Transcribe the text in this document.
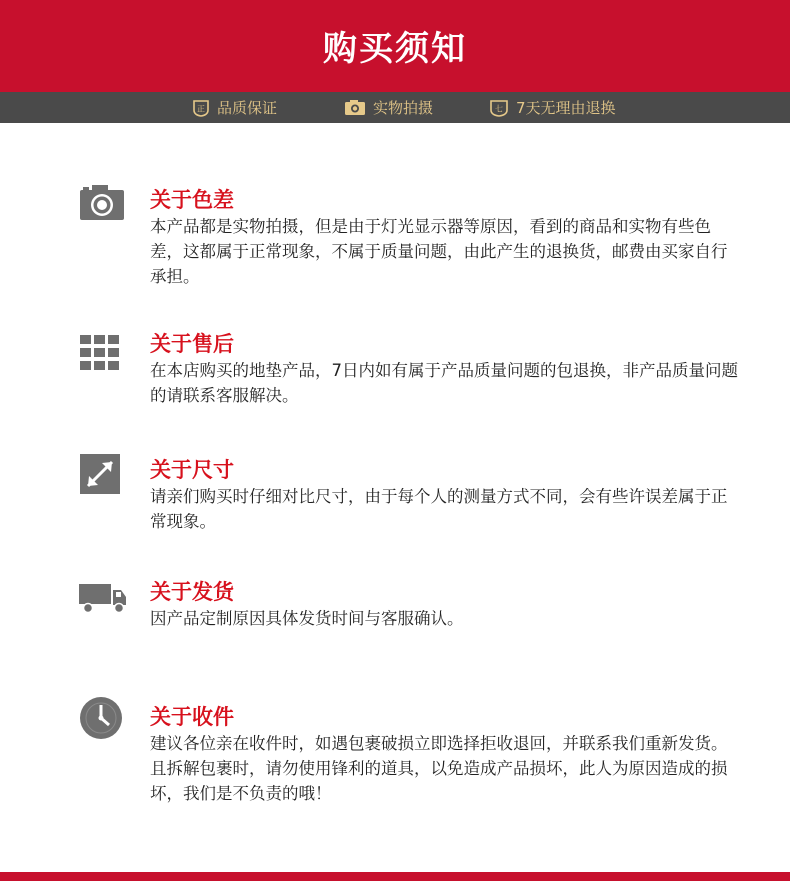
购买须知
正 品质保证	实物拍摄	七 7天无理由退换
关于色差
本产品都是实物拍摄，但是由于灯光显示器等原因，看到的商品和实物有些色差，这都属于正常现象，不属于质量问题，由此产生的退换货，邮费由买家自行承担。
关于售后
在本店购买的地垫产品，7日内如有属于产品质量问题的包退换，非产品质量问题的请联系客服解决。
关于尺寸
请亲们购买时仔细对比尺寸，由于每个人的测量方式不同，会有些许误差属于正常现象。
关于发货
因产品定制原因具体发货时间与客服确认。
关于收件
建议各位亲在收件时，如遇包裹破损立即选择拒收退回，并联系我们重新发货。且拆解包裹时，请勿使用锋利的道具，以免造成产品损坏，此人为原因造成的损坏，我们是不负责的哦！
